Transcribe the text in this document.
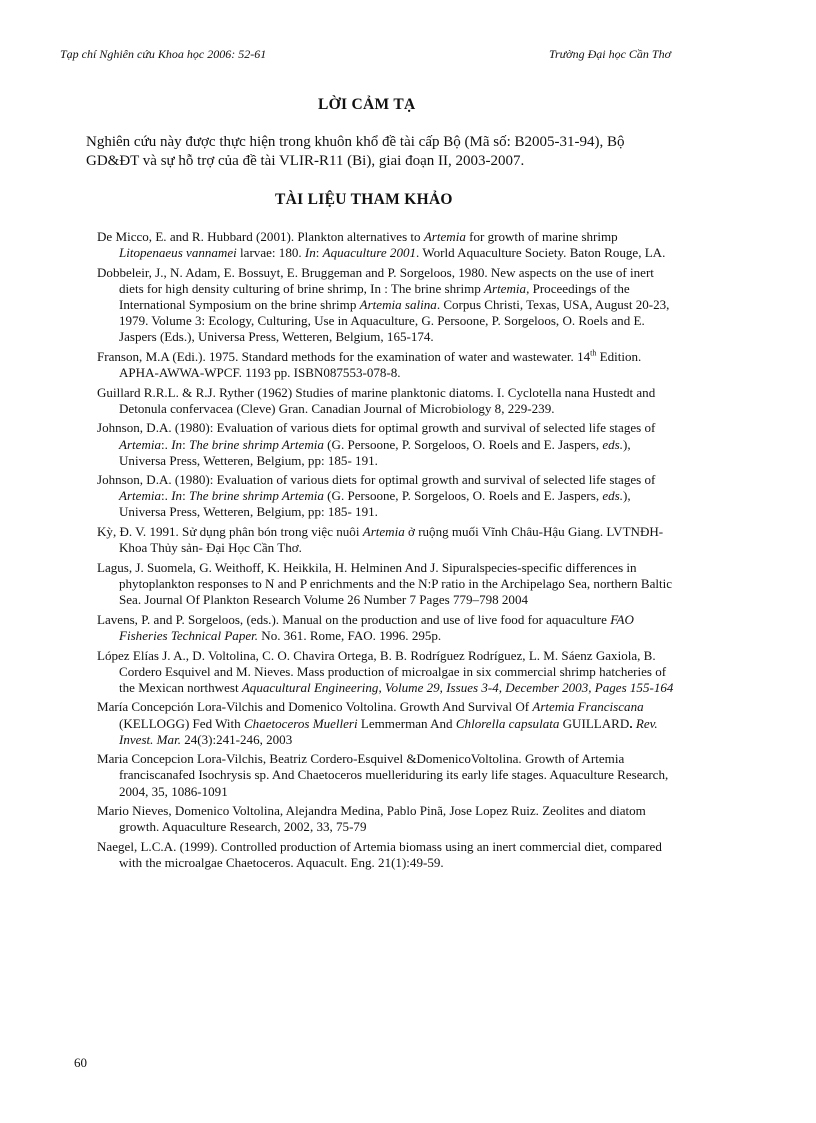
Tạp chí Nghiên cứu Khoa học 2006: 52-61	Trường Đại học Cần Thơ
LỜI CẢM TẠ
Nghiên cứu này được thực hiện trong khuôn khổ đề tài cấp Bộ (Mã số: B2005-31-94), Bộ GD&ĐT và sự hỗ trợ của đề tài VLIR-R11 (Bi), giai đoạn II, 2003-2007.
TÀI LIỆU THAM KHẢO

De Micco, E. and R. Hubbard (2001). Plankton alternatives to Artemia for growth of marine shrimp Litopenaeus vannamei larvae: 180. In: Aquaculture 2001. World Aquaculture Society. Baton Rouge, LA.

Dobbeleir, J., N. Adam, E. Bossuyt, E. Bruggeman and P. Sorgeloos, 1980. New aspects on the use of inert diets for high density culturing of brine shrimp, In : The brine shrimp Artemia, Proceedings of the International Symposium on the brine shrimp Artemia salina. Corpus Christi, Texas, USA, August 20-23, 1979. Volume 3: Ecology, Culturing, Use in Aquaculture, G. Persoone, P. Sorgeloos, O. Roels and E. Jaspers (Eds.), Universa Press, Wetteren, Belgium, 165-174.

Franson, M.A (Edi.). 1975. Standard methods for the examination of water and wastewater. 14th Edition. APHA-AWWA-WPCF. 1193 pp. ISBN087553-078-8.

Guillard R.R.L. & R.J. Ryther (1962) Studies of marine planktonic diatoms. I. Cyclotella nana Hustedt and Detonula confervacea (Cleve) Gran. Canadian Journal of Microbiology 8, 229-239.

Johnson, D.A. (1980): Evaluation of various diets for optimal growth and survival of selected life stages of Artemia:. In: The brine shrimp Artemia (G. Persoone, P. Sorgeloos, O. Roels and E. Jaspers, eds.), Universa Press, Wetteren, Belgium, pp: 185- 191.

Johnson, D.A. (1980): Evaluation of various diets for optimal growth and survival of selected life stages of Artemia:. In: The brine shrimp Artemia (G. Persoone, P. Sorgeloos, O. Roels and E. Jaspers, eds.), Universa Press, Wetteren, Belgium, pp: 185- 191.

Kỳ, Đ. V. 1991. Sử dụng phân bón trong việc nuôi Artemia ở ruộng muối Vĩnh Châu-Hậu Giang. LVTNĐH-Khoa Thủy sản- Đại Học Cần Thơ.

Lagus, J. Suomela, G. Weithoff, K. Heikkila, H. Helminen And J. Sipuralspecies-specific differences in phytoplankton responses to N and P enrichments and the N:P ratio in the Archipelago Sea, northern Baltic Sea. Journal Of Plankton Research Volume 26 Number 7 Pages 779–798 2004

Lavens, P. and P. Sorgeloos, (eds.). Manual on the production and use of live food for aquaculture FAO Fisheries Technical Paper. No. 361. Rome, FAO. 1996. 295p.

López Elías J. A., D. Voltolina, C. O. Chavira Ortega, B. B. Rodríguez Rodríguez, L. M. Sáenz Gaxiola, B. Cordero Esquivel and M. Nieves. Mass production of microalgae in six commercial shrimp hatcheries of the Mexican northwest Aquacultural Engineering, Volume 29, Issues 3-4, December 2003, Pages 155-164

María Concepción Lora-Vilchis and Domenico Voltolina. Growth And Survival Of Artemia Franciscana (KELLOGG) Fed With Chaetoceros Muelleri Lemmerman And Chlorella capsulata GUILLARD. Rev. Invest. Mar. 24(3):241-246, 2003

Maria Concepcion Lora-Vilchis, Beatriz Cordero-Esquivel &DomenicoVoltolina. Growth of Artemia franciscanafed Isochrysis sp. And Chaetoceros muelleriduring its early life stages. Aquaculture Research, 2004, 35, 1086-1091

Mario Nieves, Domenico Voltolina, Alejandra Medina, Pablo Pinã, Jose Lopez Ruiz. Zeolites and diatom growth. Aquaculture Research, 2002, 33, 75-79

Naegel, L.C.A. (1999). Controlled production of Artemia biomass using an inert commercial diet, compared with the microalgae Chaetoceros. Aquacult. Eng. 21(1):49-59.

60
